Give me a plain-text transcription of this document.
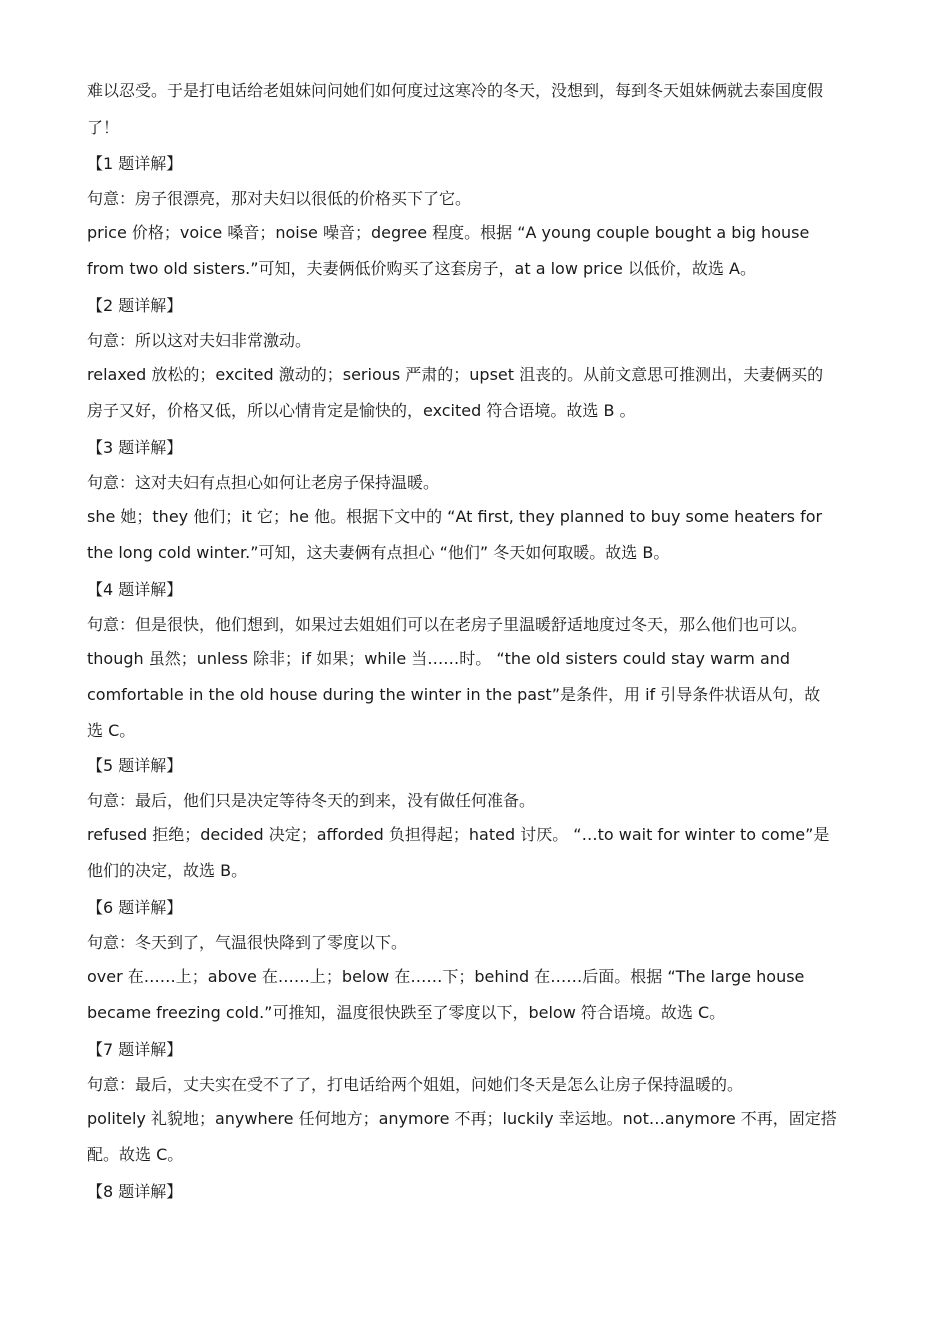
难以忍受。于是打电话给老姐妹问问她们如何度过这寒冷的冬天，没想到，每到冬天姐妹俩就去泰国度假

了！

【1 题详解】

句意：房子很漂亮，那对夫妇以很低的价格买下了它。

price 价格；voice 嗓音；noise 噪音；degree 程度。根据 “A young couple bought a big house

from two old sisters.”可知，夫妻俩低价购买了这套房子，at a low price 以低价，故选 A。

【2 题详解】

句意：所以这对夫妇非常激动。

relaxed 放松的；excited 激动的；serious 严肃的；upset 沮丧的。从前文意思可推测出，夫妻俩买的

房子又好，价格又低，所以心情肯定是愉快的，excited 符合语境。故选 B 。

【3 题详解】

句意：这对夫妇有点担心如何让老房子保持温暖。

she 她；they 他们；it 它；he 他。根据下文中的 “At first, they planned to buy some heaters for

the long cold winter.”可知，这夫妻俩有点担心 “他们” 冬天如何取暖。故选 B。

【4 题详解】

句意：但是很快，他们想到，如果过去姐姐们可以在老房子里温暖舒适地度过冬天，那么他们也可以。

though 虽然；unless 除非；if 如果；while 当……时。 “the old sisters could stay warm and

comfortable in the old house during the winter in the past”是条件，用 if 引导条件状语从句，故

选 C。

【5 题详解】

句意：最后，他们只是决定等待冬天的到来，没有做任何准备。

refused 拒绝；decided 决定；afforded 负担得起；hated 讨厌。 “…to wait for winter to come”是

他们的决定，故选 B。

【6 题详解】

句意：冬天到了，气温很快降到了零度以下。

over 在……上；above 在……上；below 在……下；behind 在……后面。根据 “The large house

became freezing cold.”可推知，温度很快跌至了零度以下，below 符合语境。故选 C。

【7 题详解】

句意：最后，丈夫实在受不了了，打电话给两个姐姐，问她们冬天是怎么让房子保持温暖的。

politely 礼貌地；anywhere 任何地方；anymore 不再；luckily 幸运地。not…anymore 不再，固定搭

配。故选 C。

【8 题详解】
